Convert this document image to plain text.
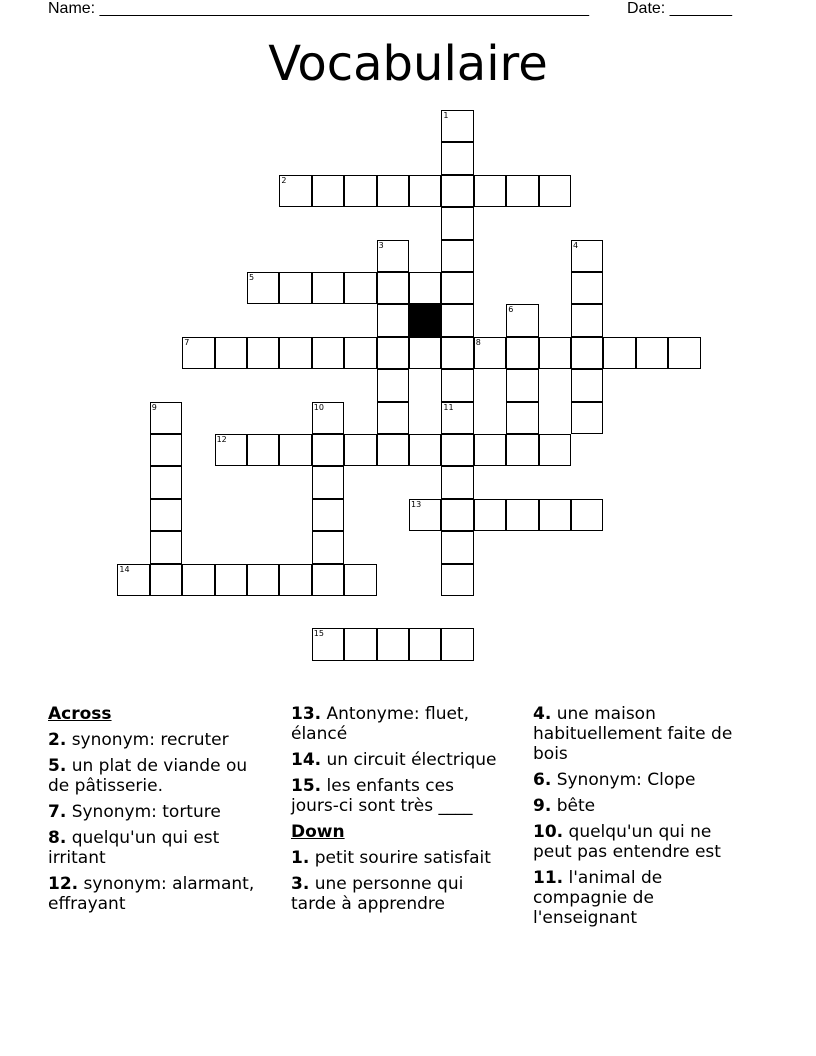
Name: _______________________________________________________ Date: _______
Vocabulaire
1
2
3	4
5
6
7	8
9	10	11
12
13
14
15
Across
2. synonym: recruter
5. un plat de viande ou de pâtisserie.
7. Synonym: torture
8. quelqu'un qui est irritant
12. synonym: alarmant, effrayant
13. Antonyme: fluet, élancé
14. un circuit électrique
15. les enfants ces jours-ci sont très ____
Down
1. petit sourire satisfait
3. une personne qui tarde à apprendre
4. une maison habituellement faite de bois
6. Synonym: Clope
9. bête
10. quelqu'un qui ne peut pas entendre est
11. l'animal de compagnie de l'enseignant
